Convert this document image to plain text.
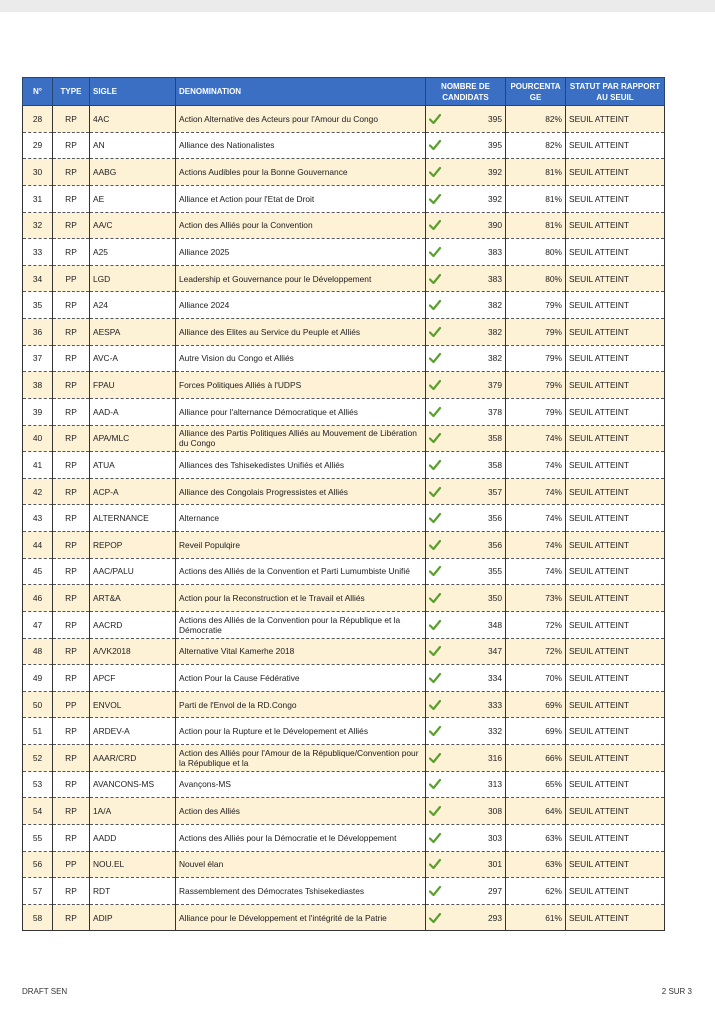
N°	TYPE	SIGLE	DENOMINATION	NOMBRE DE CANDIDATS	POURCENTA GE	STATUT PAR RAPPORT AU SEUIL
28	RP	4AC	Action Alternative des Acteurs pour l'Amour du Congo	395	82%	SEUIL ATTEINT
29	RP	AN	Alliance des Nationalistes	395	82%	SEUIL ATTEINT
30	RP	AABG	Actions Audibles pour la Bonne Gouvernance	392	81%	SEUIL ATTEINT
31	RP	AE	Alliance et Action pour l'Etat de Droit	392	81%	SEUIL ATTEINT
32	RP	AA/C	Action des Alliés pour la Convention	390	81%	SEUIL ATTEINT
33	RP	A25	Alliance 2025	383	80%	SEUIL ATTEINT
34	PP	LGD	Leadership et Gouvernance pour le Développement	383	80%	SEUIL ATTEINT
35	RP	A24	Alliance 2024	382	79%	SEUIL ATTEINT
36	RP	AESPA	Alliance des Elites au Service du Peuple et Alliés	382	79%	SEUIL ATTEINT
37	RP	AVC-A	Autre Vision du Congo et Alliés	382	79%	SEUIL ATTEINT
38	RP	FPAU	Forces Politiques Alliés à l'UDPS	379	79%	SEUIL ATTEINT
39	RP	AAD-A	Alliance pour l'alternance Démocratique et Alliés	378	79%	SEUIL ATTEINT
40	RP	APA/MLC	Alliance des Partis Politiques Alliés au Mouvement de Libération du Congo	358	74%	SEUIL ATTEINT
41	RP	ATUA	Alliances des Tshisekedistes Unifiés et Alliés	358	74%	SEUIL ATTEINT
42	RP	ACP-A	Alliance des Congolais Progressistes et Alliés	357	74%	SEUIL ATTEINT
43	RP	ALTERNANCE	Alternance	356	74%	SEUIL ATTEINT
44	RP	REPOP	Reveil Populqire	356	74%	SEUIL ATTEINT
45	RP	AAC/PALU	Actions des Alliés de la Convention et Parti Lumumbiste Unifié	355	74%	SEUIL ATTEINT
46	RP	ART&A	Action pour la Reconstruction et le Travail et Alliés	350	73%	SEUIL ATTEINT
47	RP	AACRD	Actions des Alliés de la Convention pour la République et la Démocratie	348	72%	SEUIL ATTEINT
48	RP	A/VK2018	Alternative Vital Kamerhe 2018	347	72%	SEUIL ATTEINT
49	RP	APCF	Action Pour la Cause Fédérative	334	70%	SEUIL ATTEINT
50	PP	ENVOL	Parti de l'Envol de la RD.Congo	333	69%	SEUIL ATTEINT
51	RP	ARDEV-A	Action pour la Rupture et le Dévelopement et Alliés	332	69%	SEUIL ATTEINT
52	RP	AAAR/CRD	Action des Alliés pour l'Amour de la République/Convention pour la République et la	316	66%	SEUIL ATTEINT
53	RP	AVANCONS-MS	Avançons-MS	313	65%	SEUIL ATTEINT
54	RP	1A/A	Action des Alliés	308	64%	SEUIL ATTEINT
55	RP	AADD	Actions des Alliés pour la Démocratie et le Développement	303	63%	SEUIL ATTEINT
56	PP	NOU.EL	Nouvel élan	301	63%	SEUIL ATTEINT
57	RP	RDT	Rassemblement des Démocrates Tshisekediastes	297	62%	SEUIL ATTEINT
58	RP	ADIP	Alliance pour le Développement et l'intégrité de la Patrie	293	61%	SEUIL ATTEINT
DRAFT SEN	2 SUR 3
